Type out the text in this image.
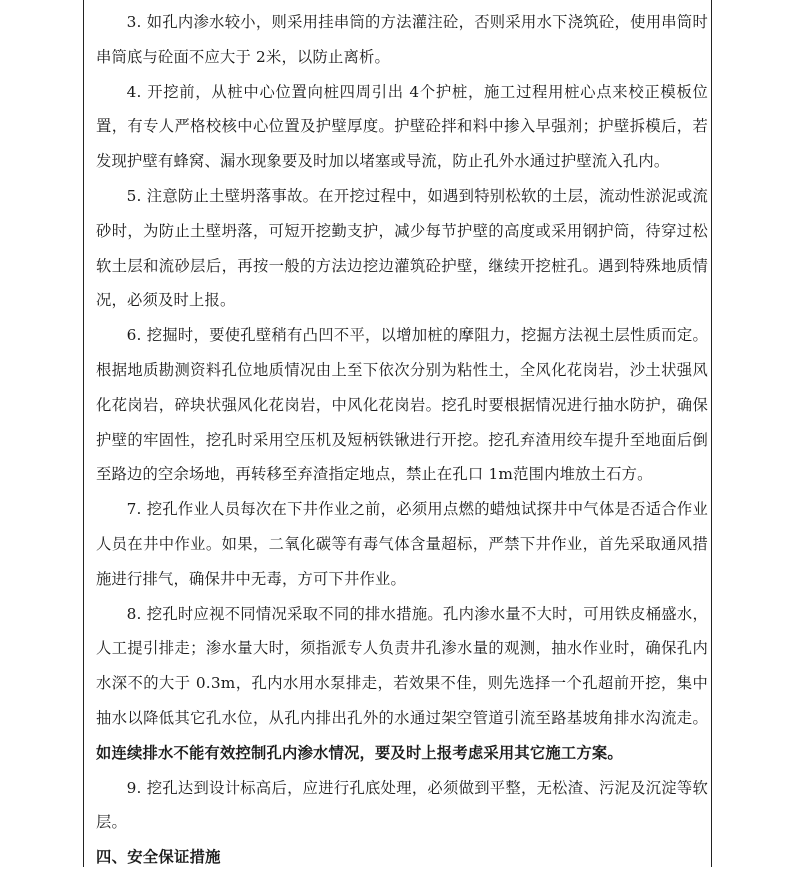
3. 如孔内渗水较小，则采用挂串筒的方法灌注砼，否则采用水下浇筑砼，使用串筒时串筒底与砼面不应大于 2米，以防止离析。

4. 开挖前，从桩中心位置向桩四周引出 4个护桩，施工过程用桩心点来校正模板位置，有专人严格校核中心位置及护壁厚度。护壁砼拌和料中掺入早强剂；护壁拆模后，若发现护壁有蜂窝、漏水现象要及时加以堵塞或导流，防止孔外水通过护壁流入孔内。

5. 注意防止土壁坍落事故。在开挖过程中，如遇到特别松软的土层，流动性淤泥或流砂时，为防止土壁坍落，可短开挖勤支护，减少每节护壁的高度或采用钢护筒，待穿过松软土层和流砂层后，再按一般的方法边挖边灌筑砼护壁，继续开挖桩孔。遇到特殊地质情况，必须及时上报。

6. 挖掘时，要使孔壁稍有凸凹不平，以增加桩的摩阻力，挖掘方法视土层性质而定。根据地质勘测资料孔位地质情况由上至下依次分别为粘性土，全风化花岗岩，沙土状强风化花岗岩，碎块状强风化花岗岩，中风化花岗岩。挖孔时要根据情况进行抽水防护，确保护壁的牢固性，挖孔时采用空压机及短柄铁锹进行开挖。挖孔弃渣用绞车提升至地面后倒至路边的空余场地，再转移至弃渣指定地点，禁止在孔口 1m范围内堆放土石方。

7. 挖孔作业人员每次在下井作业之前，必须用点燃的蜡烛试探井中气体是否适合作业人员在井中作业。如果，二氧化碳等有毒气体含量超标，严禁下井作业，首先采取通风措施进行排气，确保井中无毒，方可下井作业。

8. 挖孔时应视不同情况采取不同的排水措施。孔内渗水量不大时，可用铁皮桶盛水，人工提引排走；渗水量大时，须指派专人负责井孔渗水量的观测，抽水作业时，确保孔内水深不的大于 0.3m，孔内水用水泵排走，若效果不佳，则先选择一个孔超前开挖，集中抽水以降低其它孔水位，从孔内排出孔外的水通过架空管道引流至路基坡角排水沟流走。如连续排水不能有效控制孔内渗水情况，要及时上报考虑采用其它施工方案。

9. 挖孔达到设计标高后，应进行孔底处理，必须做到平整，无松渣、污泥及沉淀等软层。

四、安全保证措施
